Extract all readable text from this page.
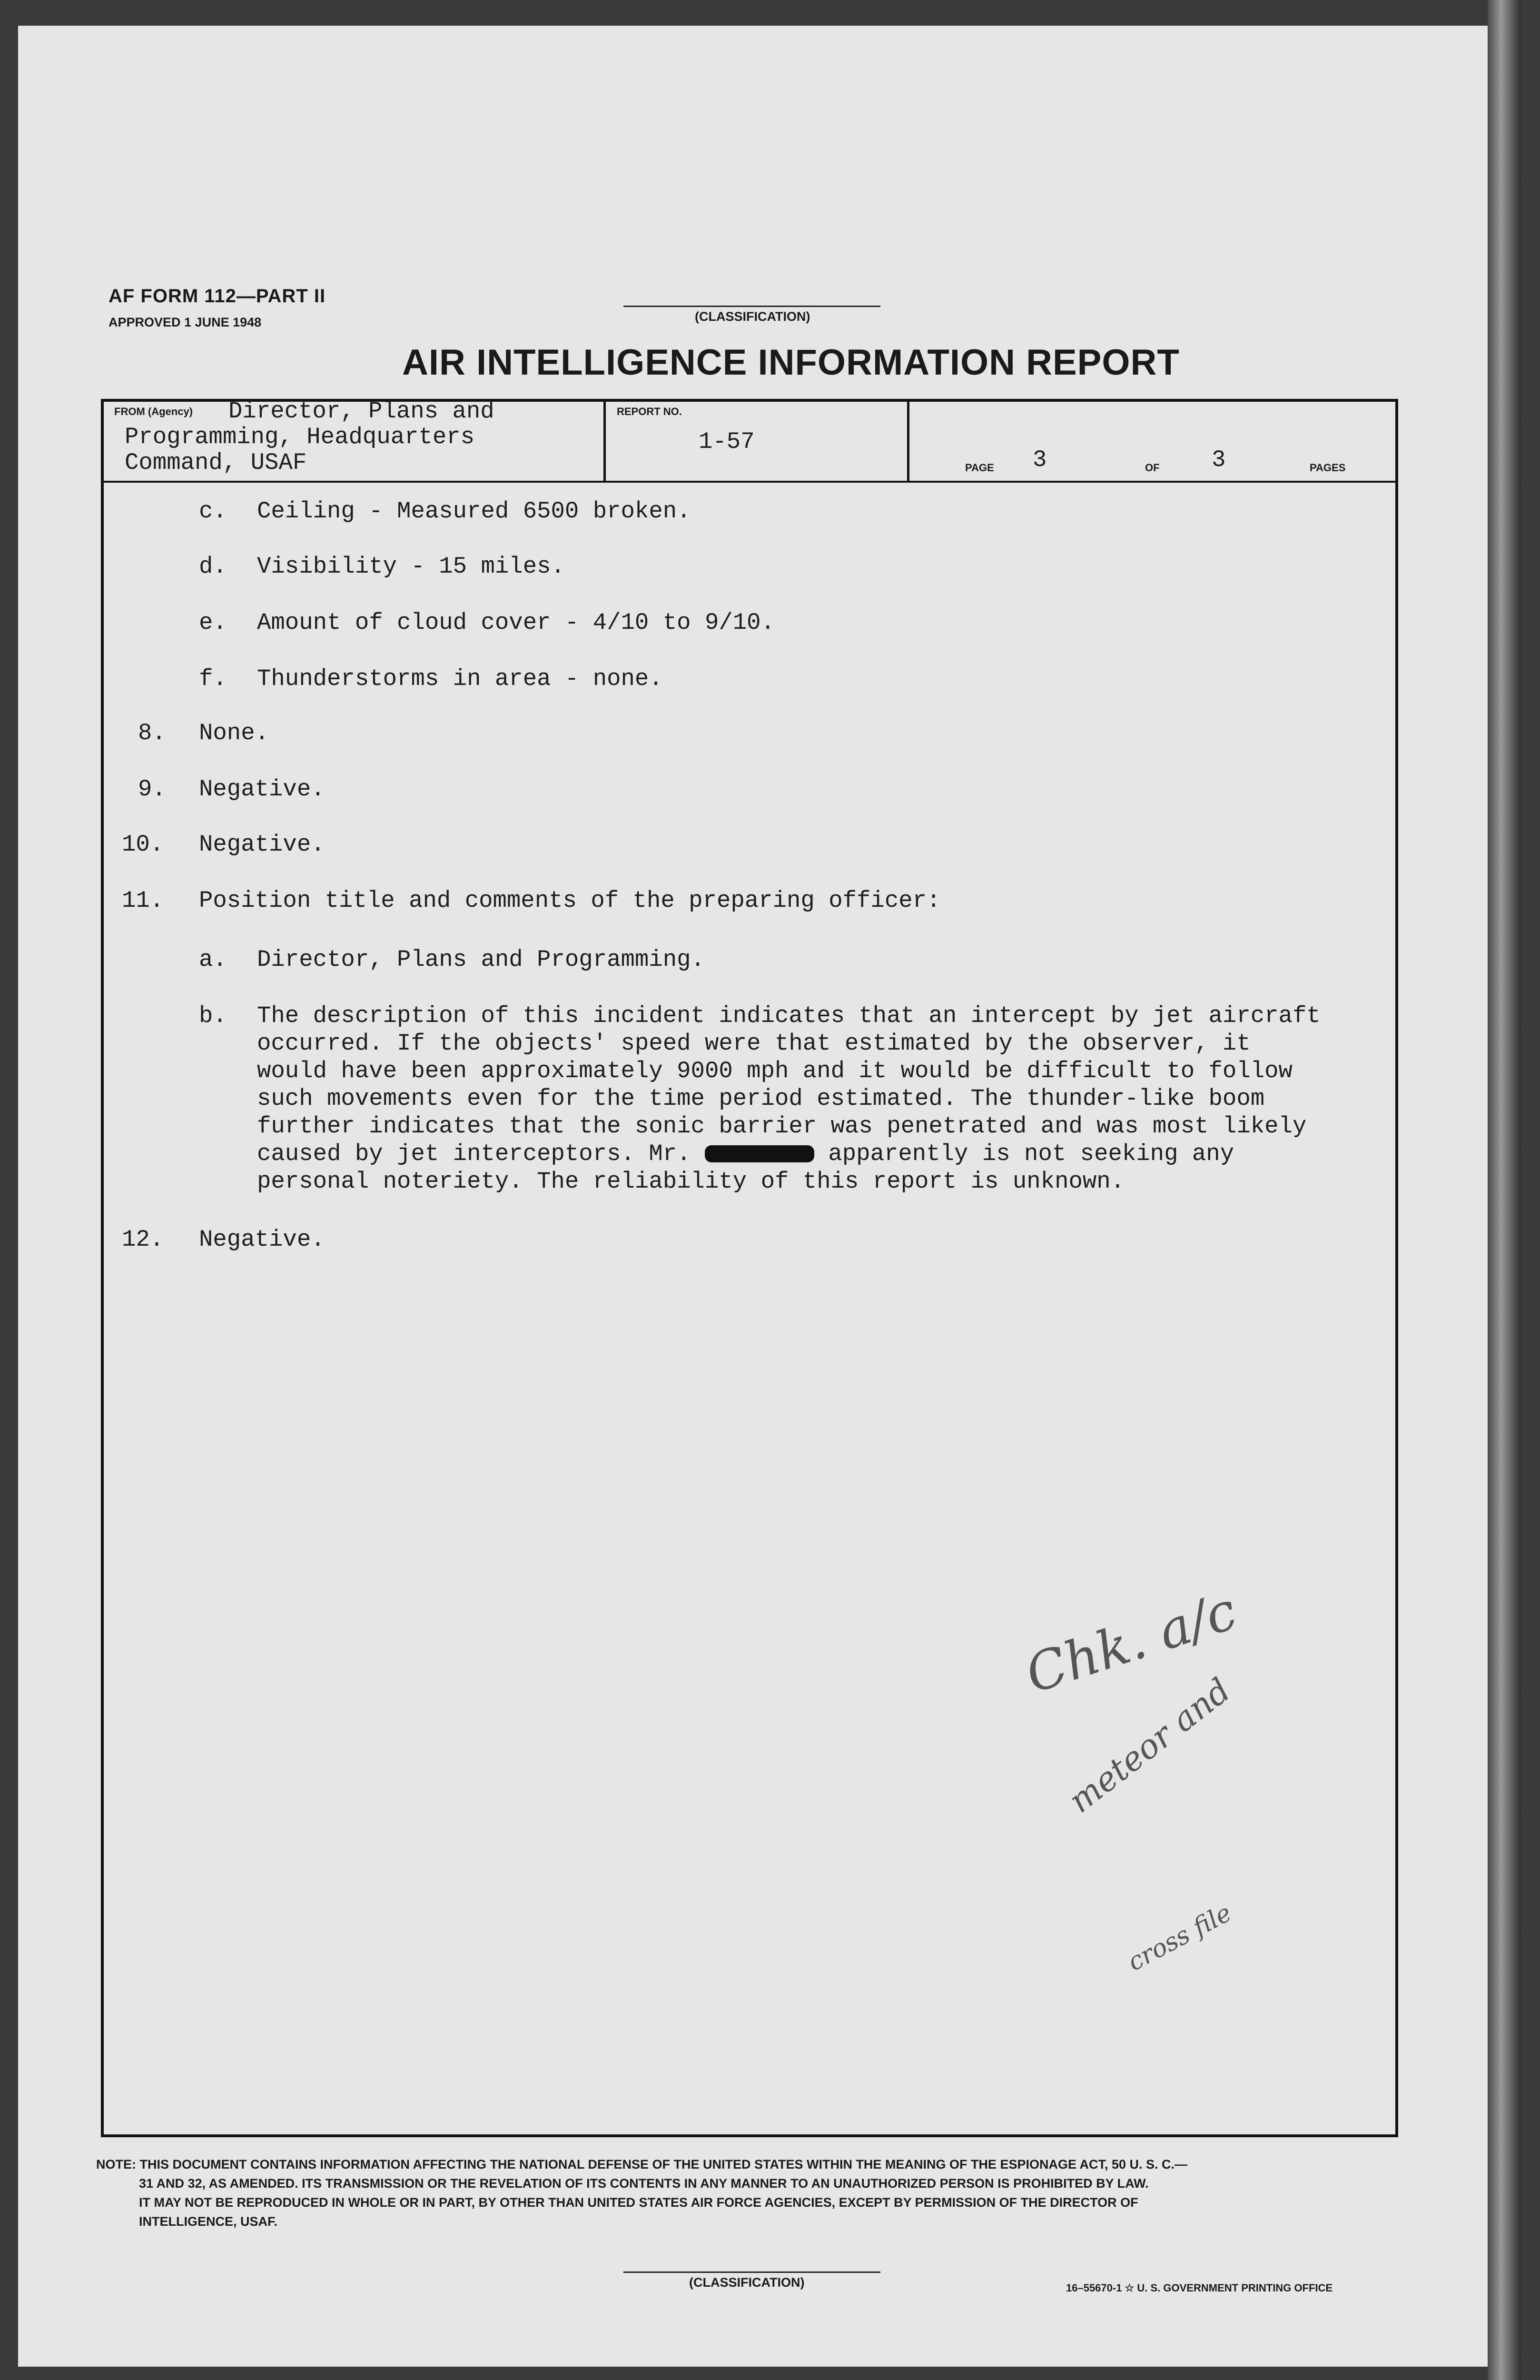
AF FORM 112—PART II
APPROVED 1 JUNE 1948	(CLASSIFICATION)
AIR INTELLIGENCE INFORMATION REPORT
FROM (Agency) Director, Plans and
Programming, Headquarters
Command, USAF
REPORT NO.
1-57
PAGE 3	OF 3	PAGES
c. Ceiling - Measured 6500 broken.
d. Visibility - 15 miles.
e. Amount of cloud cover - 4/10 to 9/10.
f. Thunderstorms in area - none.
8. None.
9. Negative.
10. Negative.
11. Position title and comments of the preparing officer:
a. Director, Plans and Programming.
b. The description of this incident indicates that an intercept by jet aircraft
occurred. If the objects' speed were that estimated by the observer, it
would have been approximately 9000 mph and it would be difficult to follow
such movements even for the time period estimated. The thunder-like boom
further indicates that the sonic barrier was penetrated and was most likely
caused by jet interceptors. Mr.	apparently is not seeking any
personal noteriety. The reliability of this report is unknown.
12. Negative.
Chk. a/c
meteor and
cross file
NOTE: THIS DOCUMENT CONTAINS INFORMATION AFFECTING THE NATIONAL DEFENSE OF THE UNITED STATES WITHIN THE MEANING OF THE ESPIONAGE ACT, 50 U. S. C.—
31 AND 32, AS AMENDED. ITS TRANSMISSION OR THE REVELATION OF ITS CONTENTS IN ANY MANNER TO AN UNAUTHORIZED PERSON IS PROHIBITED BY LAW.
IT MAY NOT BE REPRODUCED IN WHOLE OR IN PART, BY OTHER THAN UNITED STATES AIR FORCE AGENCIES, EXCEPT BY PERMISSION OF THE DIRECTOR OF
INTELLIGENCE, USAF.
(CLASSIFICATION)	16–55670-1 ☆ U. S. GOVERNMENT PRINTING OFFICE
